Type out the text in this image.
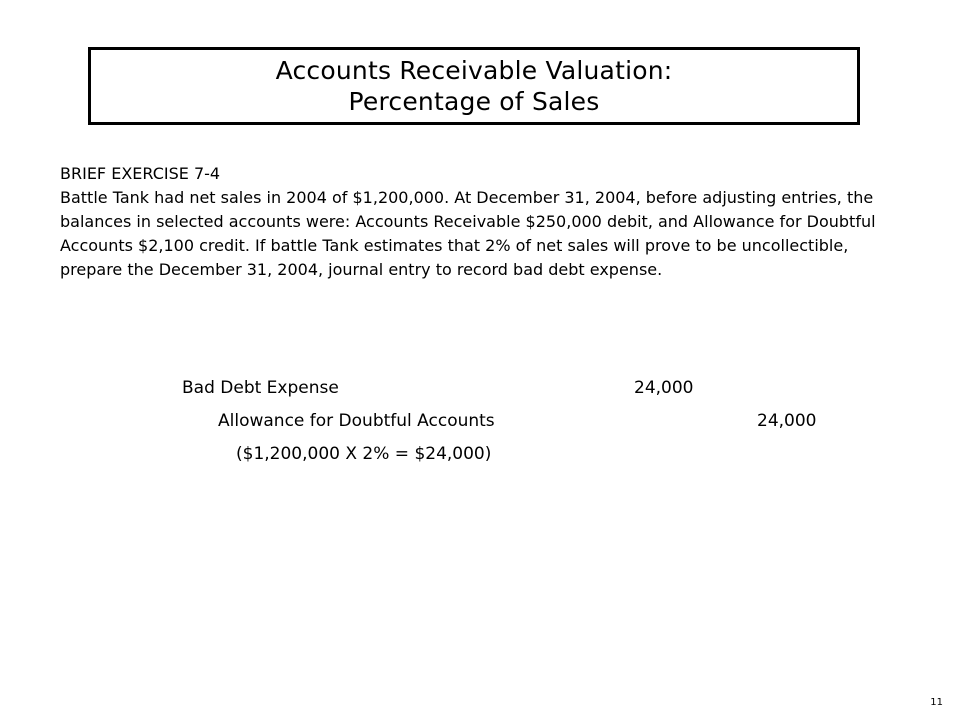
Accounts Receivable Valuation:
Percentage of Sales
BRIEF EXERCISE 7-4
Battle Tank had net sales in 2004 of $1,200,000. At December 31, 2004, before adjusting entries, the balances in selected accounts were: Accounts Receivable $250,000 debit, and Allowance for Doubtful Accounts $2,100 credit. If battle Tank estimates that 2% of net sales will prove to be uncollectible, prepare the December 31, 2004, journal entry to record bad debt expense.
Bad Debt Expense	24,000
Allowance for Doubtful Accounts	24,000
($1,200,000 X 2% = $24,000)
11
